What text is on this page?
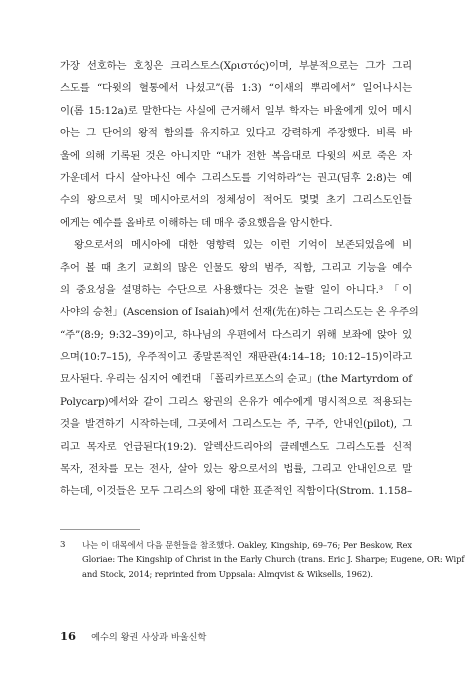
가장 선호하는 호칭은 크리스토스(Χριστός)이며, 부분적으로는 그가 그리
스도를 “다윗의 혈통에서 나셨고”(롬 1:3) “이새의 뿌리에서” 일어나시는
이(롬 15:12a)로 말한다는 사실에 근거해서 일부 학자는 바울에게 있어 메시
아는 그 단어의 왕적 함의를 유지하고 있다고 강력하게 주장했다. 비록 바
울에 의해 기록된 것은 아니지만 “내가 전한 복음대로 다윗의 씨로 죽은 자
가운데서 다시 살아나신 예수 그리스도를 기억하라”는 권고(딤후 2:8)는 예
수의 왕으로서 및 메시아로서의 정체성이 적어도 몇몇 초기 그리스도인들
에게는 예수를 올바로 이해하는 데 매우 중요했음을 암시한다.
왕으로서의 메시아에 대한 영향력 있는 이런 기억이 보존되었음에 비
추어 볼 때 초기 교회의 많은 인물도 왕의 범주, 직함, 그리고 기능을 예수
의 중요성을 설명하는 수단으로 사용했다는 것은 놀랄 일이 아니다.³ 「이
사야의 승천」(Ascension of Isaiah)에서 선재(先在)하는 그리스도는 온 우주의
“주”(8:9; 9:32–39)이고, 하나님의 우편에서 다스리기 위해 보좌에 앉아 있
으며(10:7–15), 우주적이고 종말론적인 재판관(4:14–18; 10:12–15)이라고
묘사된다. 우리는 심지어 예컨대 「폴리카르포스의 순교」(the Martyrdom of
Polycarp)에서와 같이 그리스 왕권의 은유가 예수에게 명시적으로 적용되는
것을 발견하기 시작하는데, 그곳에서 그리스도는 주, 구주, 안내인(pilot), 그
리고 목자로 언급된다(19:2). 알렉산드리아의 클레멘스도 그리스도를 신적
목자, 전차를 모는 전사, 살아 있는 왕으로서의 법률, 그리고 안내인으로 말
하는데, 이것들은 모두 그리스의 왕에 대한 표준적인 직함이다(Strom. 1.158–
3 나는 이 대목에서 다음 문헌들을 참조했다. Oakley, Kingship, 69–76; Per Beskow, Rex
Gloriae: The Kingship of Christ in the Early Church (trans. Eric J. Sharpe; Eugene, OR: Wipf
and Stock, 2014; reprinted from Uppsala: Almqvist & Wiksells, 1962).
16 예수의 왕권 사상과 바울신학
